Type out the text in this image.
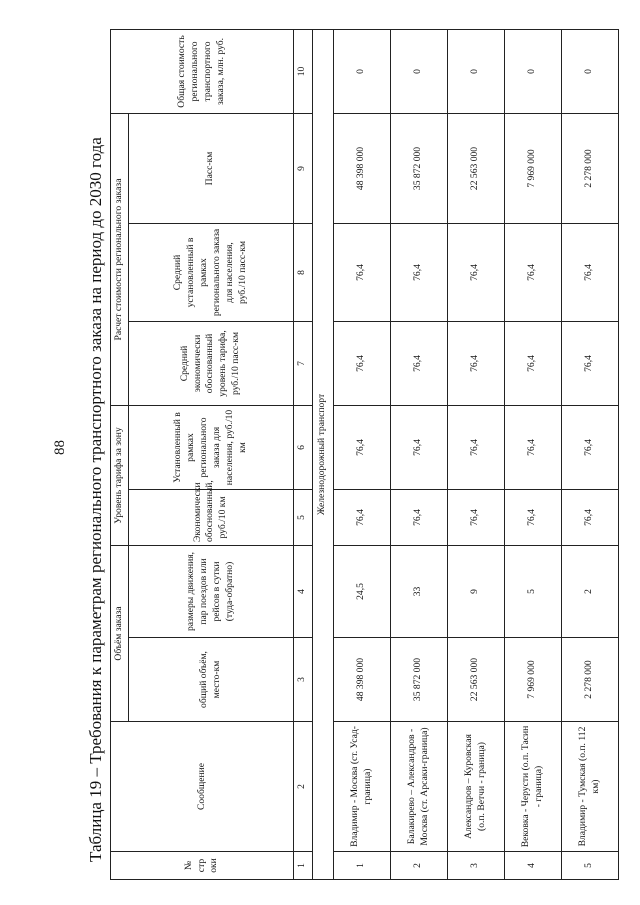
88 Таблица 19 – Требования к параметрам регионального транспортного заказа на период до 2030 года
№ стр оки	Сообщение	Объём заказа		Уровень тарифа за зону		Расчет стоимости регионального заказа			Общая стоимость регионального транспортного заказа, млн. руб.
		общий объём, место-км	размеры движения, пар поездов или рейсов в сутки (туда-обратно)	Экономически обоснованный, руб./10 км	Установленный в рамках регионального заказа для населения, руб./10 км	Средний экономически обоснованный уровень тарифа, руб./10 пасс-км	Средний установленный в рамках регионального заказа для населения, руб./10 пасс-км	Пасс-км	
1	2	3	4	5	6	7	8	9	10
Железнодорожный транспорт									
1	Владимир - Москва (ст. Усад-граница)	48 398 000	24,5	76,4	76,4	76,4	76,4	48 398 000	0
2	Балакирево – Александров - Москва (ст. Арсаки-граница)	35 872 000	33	76,4	76,4	76,4	76,4	35 872 000	0
3	Александров – Куровская (о.п. Ветчи - граница)	22 563 000	9	76,4	76,4	76,4	76,4	22 563 000	0
4	Вековка - Черусти (о.п. Тасин - граница)	7 969 000	5	76,4	76,4	76,4	76,4	7 969 000	0
5	Владимир - Тумская (о.п. 112 км)	2 278 000	2	76,4	76,4	76,4	76,4	2 278 000	0
